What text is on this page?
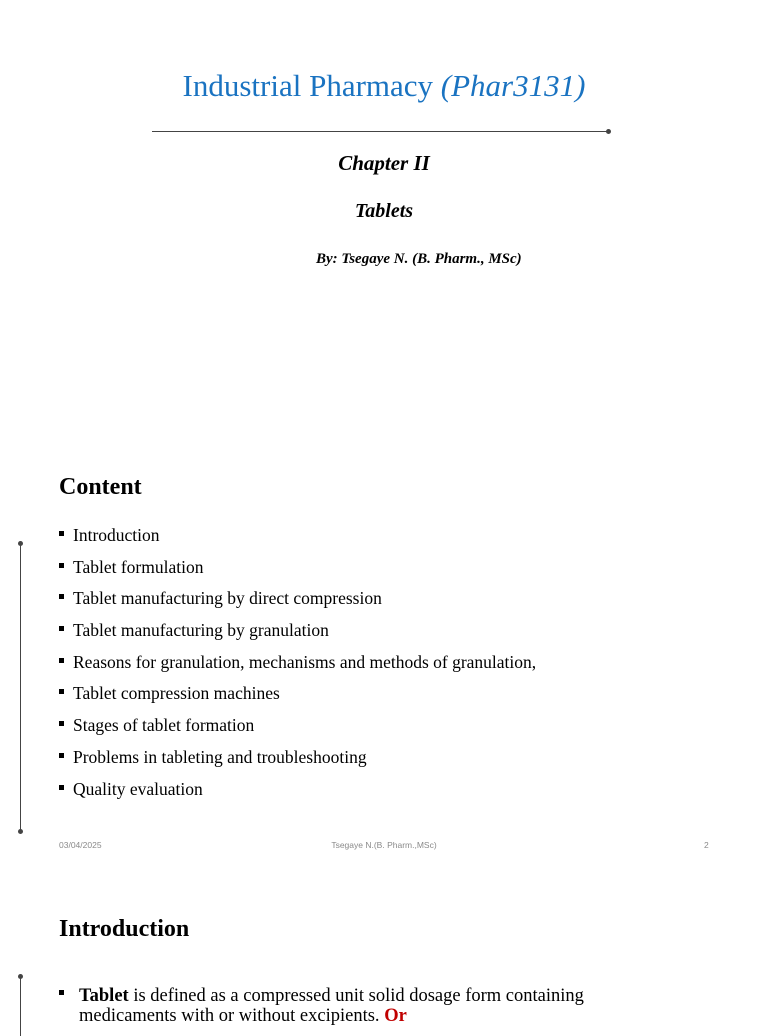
Industrial Pharmacy (Phar3131)
Chapter II
Tablets
By: Tsegaye N. (B. Pharm., MSc)
Content
Introduction
Tablet formulation
Tablet manufacturing by direct compression
Tablet manufacturing by granulation
Reasons for granulation, mechanisms and methods of granulation,
Tablet compression machines
Stages of tablet formation
Problems in tableting and troubleshooting
Quality evaluation
03/04/2025	Tsegaye N.(B. Pharm.,MSc)	2
Introduction
Tablet is defined as a compressed unit solid dosage form containing medicaments with or without excipients. Or
